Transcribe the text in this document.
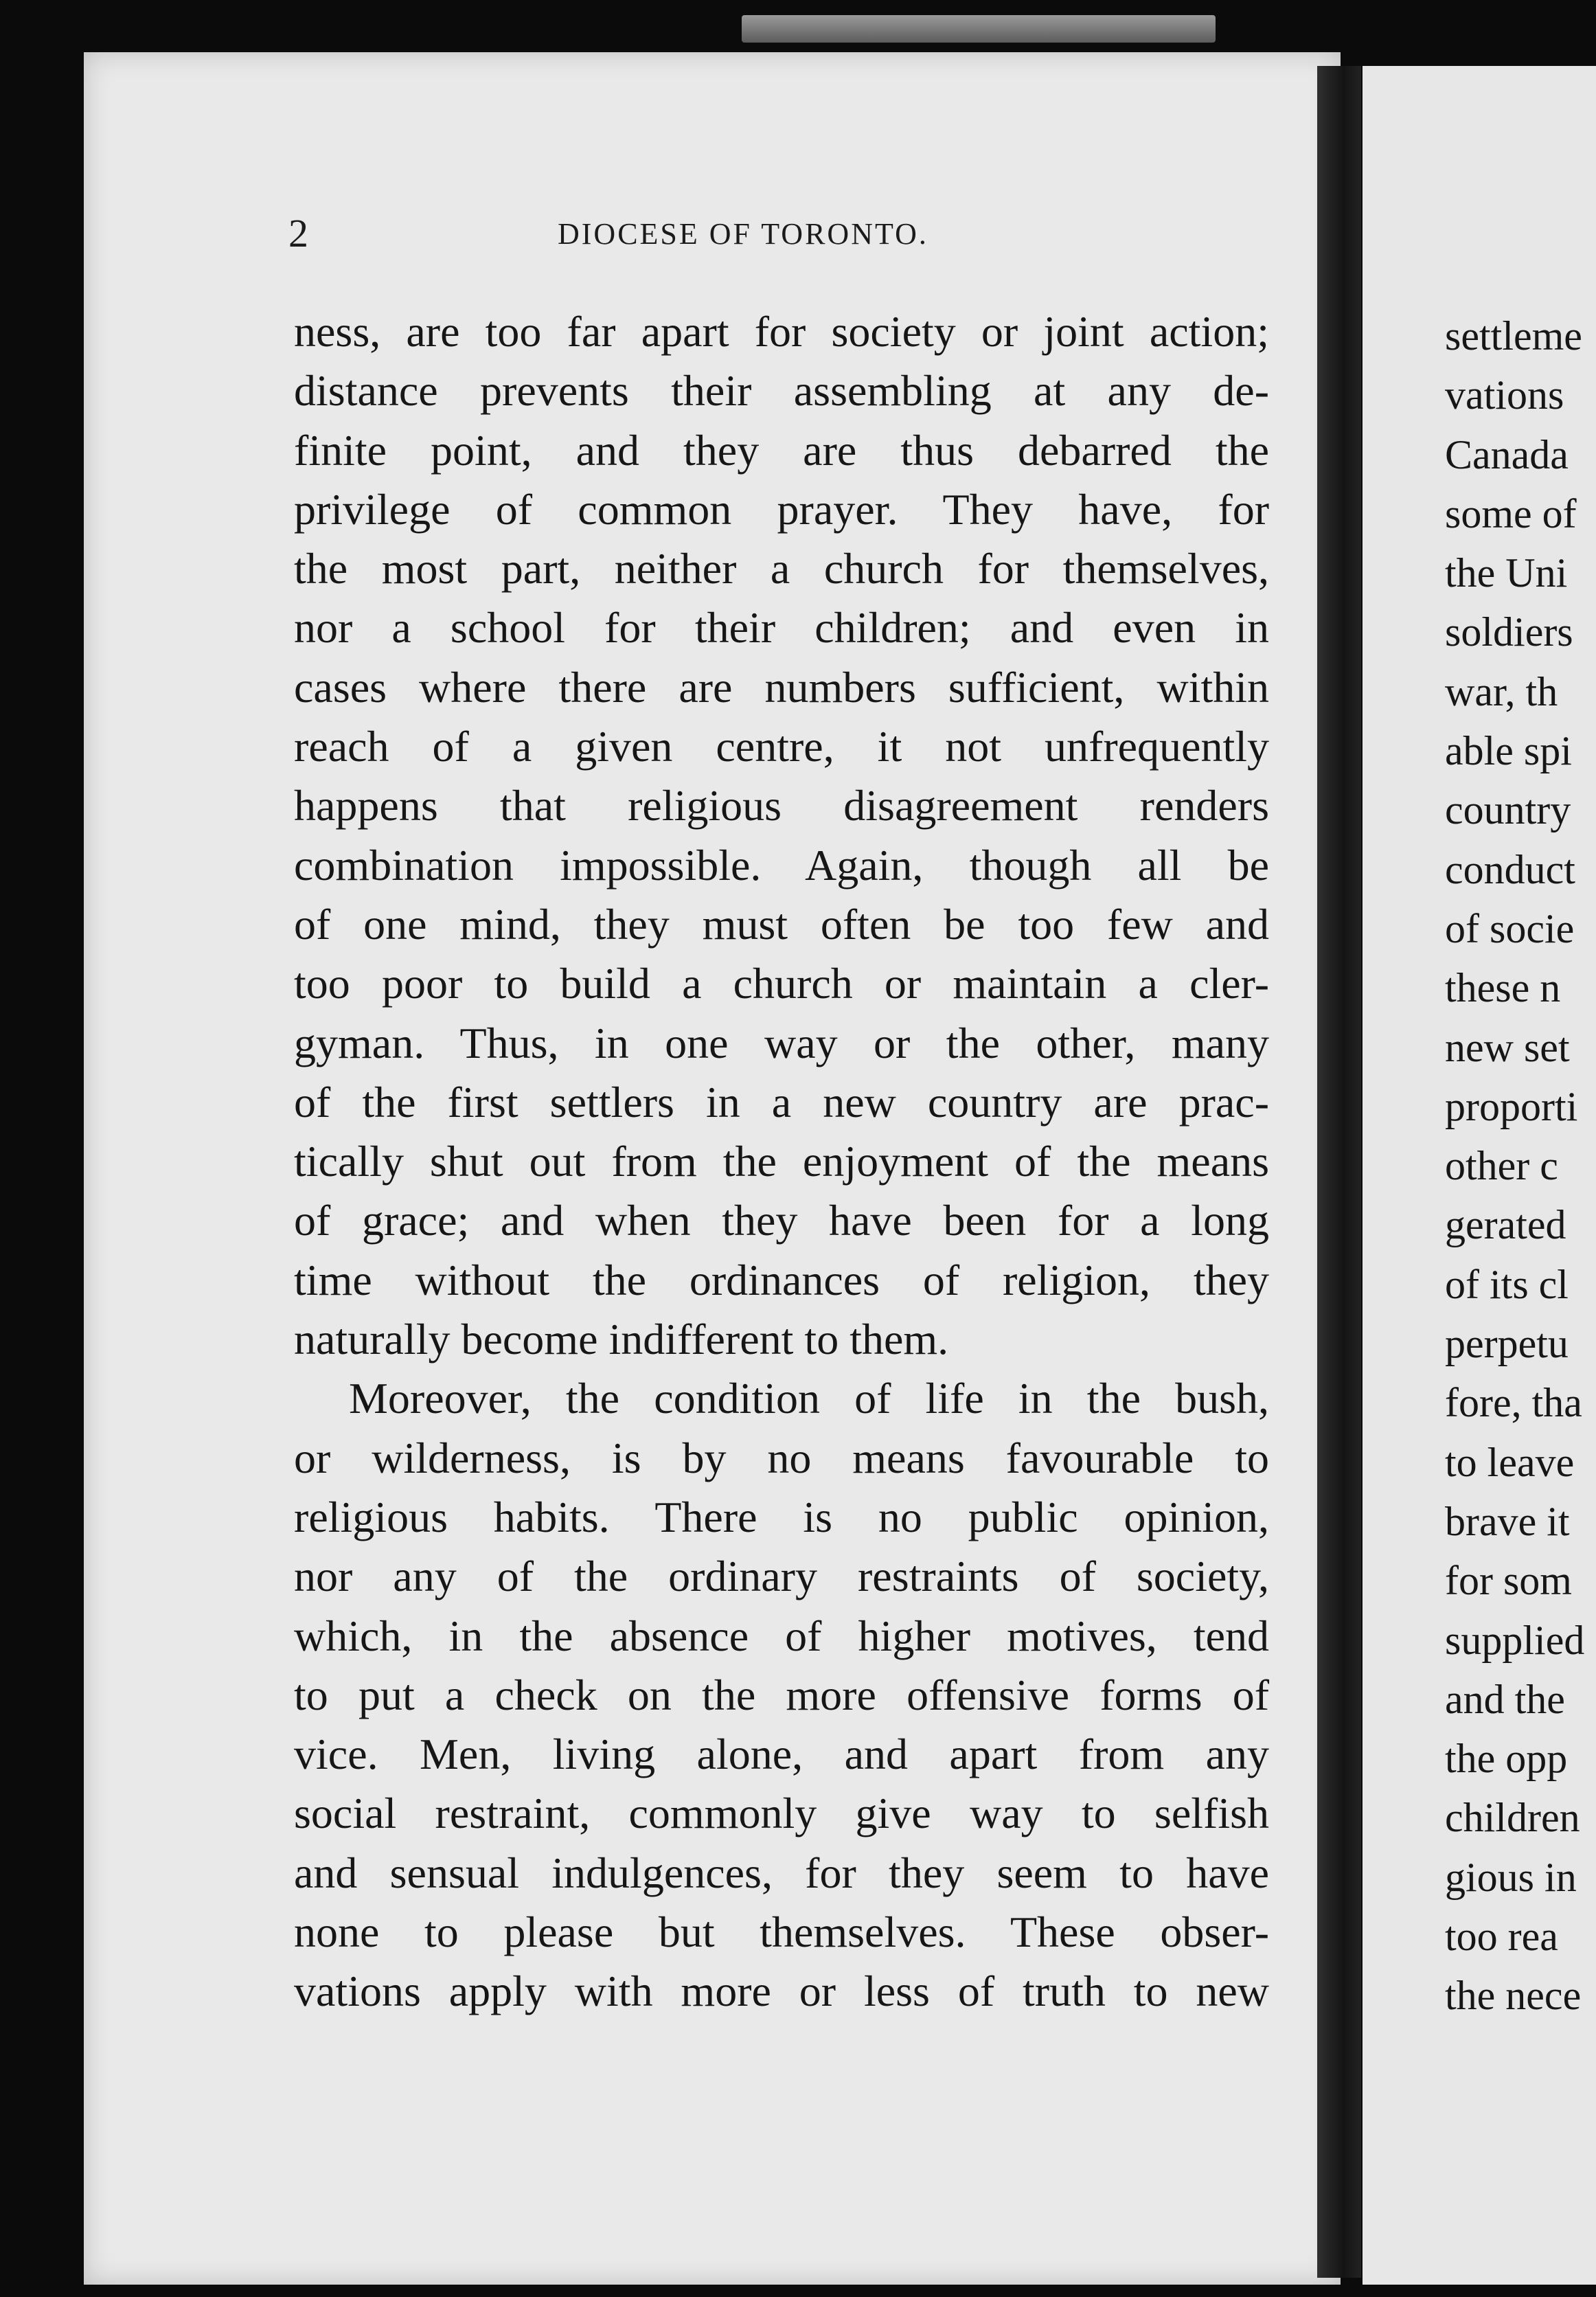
2	DIOCESE OF TORONTO.
ness, are too far apart for society or joint action;
distance prevents their assembling at any de-
finite point, and they are thus debarred the
privilege of common prayer. They have, for
the most part, neither a church for themselves,
nor a school for their children; and even in
cases where there are numbers sufficient, within
reach of a given centre, it not unfrequently
happens that religious disagreement renders
combination impossible. Again, though all be
of one mind, they must often be too few and
too poor to build a church or maintain a cler-
gyman. Thus, in one way or the other, many
of the first settlers in a new country are prac-
tically shut out from the enjoyment of the means
of grace; and when they have been for a long
time without the ordinances of religion, they
naturally become indifferent to them.
Moreover, the condition of life in the bush,
or wilderness, is by no means favourable to
religious habits. There is no public opinion,
nor any of the ordinary restraints of society,
which, in the absence of higher motives, tend
to put a check on the more offensive forms of
vice. Men, living alone, and apart from any
social restraint, commonly give way to selfish
and sensual indulgences, for they seem to have
none to please but themselves. These obser-
vations apply with more or less of truth to new
settleme
vations
Canada
some of
the Uni
soldiers
war, th
able spi
country
conduct
of socie
these n
new set
proporti
other c
gerated
of its cl
perpetu
fore, tha
to leave
brave it
for som
supplied
and the
the opp
children
gious in
too rea
the nece
